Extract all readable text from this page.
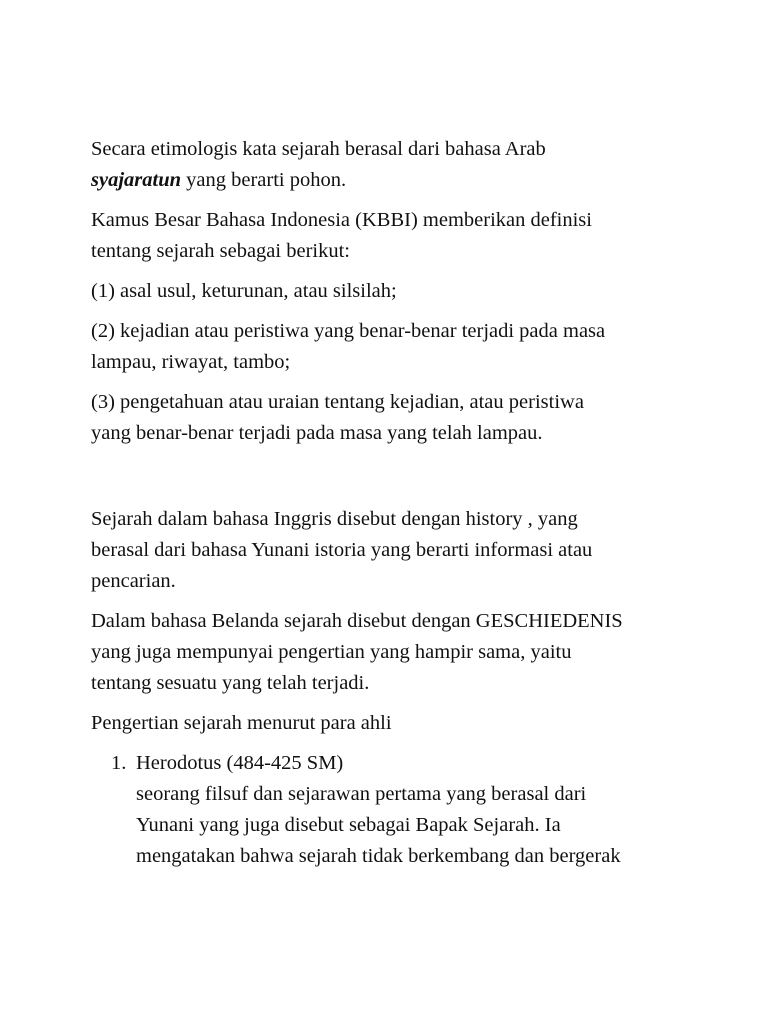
Secara etimologis kata sejarah berasal dari bahasa Arab
syajaratun yang berarti pohon.

Kamus Besar Bahasa Indonesia (KBBI) memberikan definisi
tentang sejarah sebagai berikut:

(1) asal usul, keturunan, atau silsilah;

(2) kejadian atau peristiwa yang benar-benar terjadi pada masa
lampau, riwayat, tambo;

(3) pengetahuan atau uraian tentang kejadian, atau peristiwa
yang benar-benar terjadi pada masa yang telah lampau.

Sejarah dalam bahasa Inggris disebut dengan history , yang
berasal dari bahasa Yunani istoria yang berarti informasi atau
pencarian.

Dalam bahasa Belanda sejarah disebut dengan GESCHIEDENIS
yang juga mempunyai pengertian yang hampir sama, yaitu
tentang sesuatu yang telah terjadi.

Pengertian sejarah menurut para ahli

1. Herodotus (484-425 SM)
seorang filsuf dan sejarawan pertama yang berasal dari
Yunani yang juga disebut sebagai Bapak Sejarah. Ia
mengatakan bahwa sejarah tidak berkembang dan bergerak
